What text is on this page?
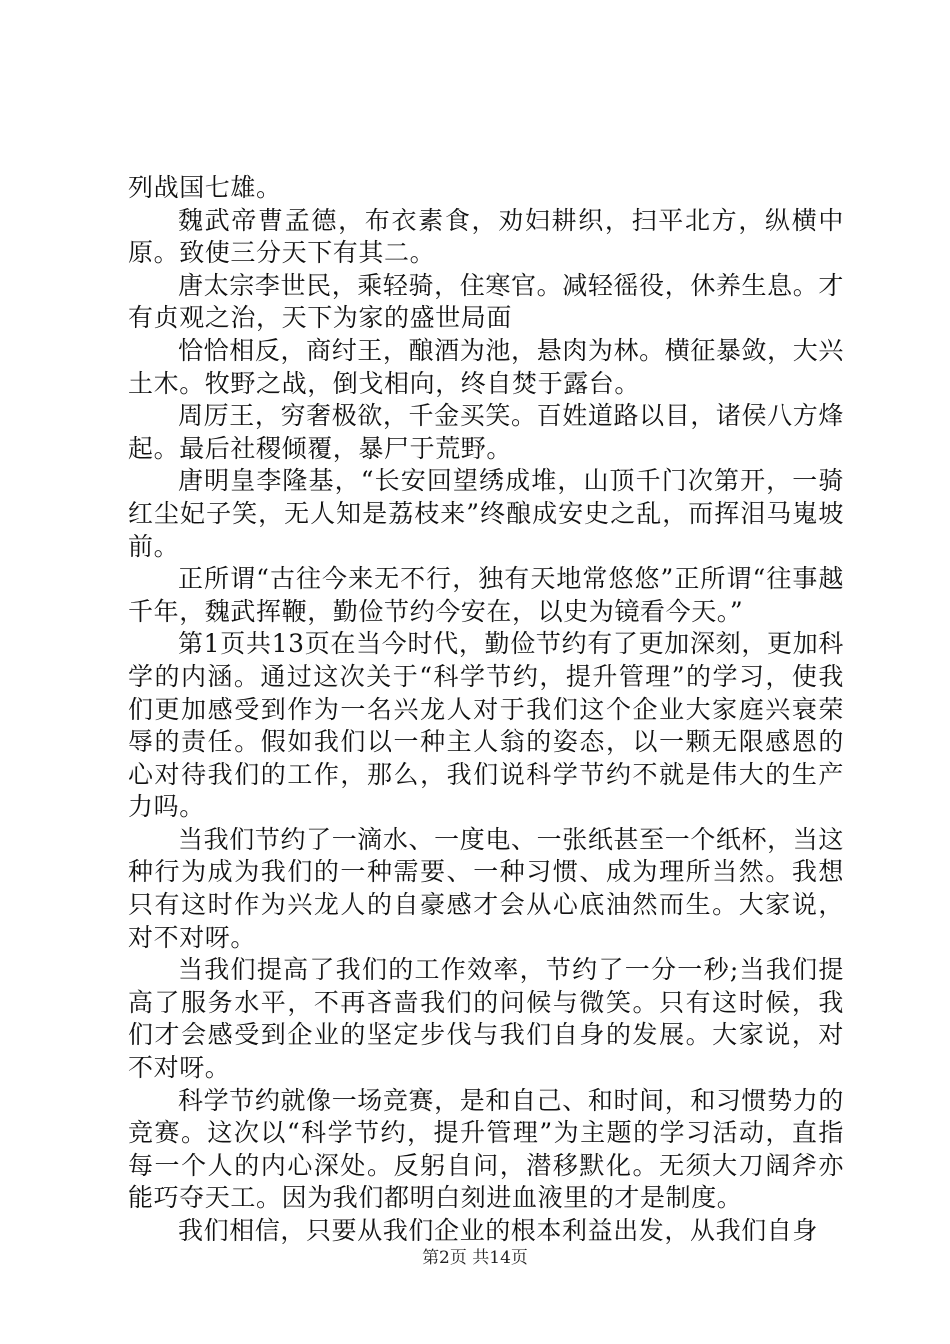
列战国七雄。

魏武帝曹孟德，布衣素食，劝妇耕织，扫平北方，纵横中原。致使三分天下有其二。

唐太宗李世民，乘轻骑，住寒官。减轻徭役，休养生息。才有贞观之治，天下为家的盛世局面

恰恰相反，商纣王，酿酒为池，悬肉为林。横征暴敛，大兴土木。牧野之战，倒戈相向，终自焚于露台。

周厉王，穷奢极欲，千金买笑。百姓道路以目，诸侯八方烽起。最后社稷倾覆，暴尸于荒野。

唐明皇李隆基，“长安回望绣成堆，山顶千门次第开，一骑红尘妃子笑，无人知是荔枝来”终酿成安史之乱，而挥泪马嵬坡前。

正所谓“古往今来无不行，独有天地常悠悠”正所谓“往事越千年，魏武挥鞭，勤俭节约今安在，以史为镜看今天。”

第1页共13页在当今时代，勤俭节约有了更加深刻，更加科学的内涵。通过这次关于“科学节约，提升管理”的学习，使我们更加感受到作为一名兴龙人对于我们这个企业大家庭兴衰荣辱的责任。假如我们以一种主人翁的姿态，以一颗无限感恩的心对待我们的工作，那么，我们说科学节约不就是伟大的生产力吗。

当我们节约了一滴水、一度电、一张纸甚至一个纸杯，当这种行为成为我们的一种需要、一种习惯、成为理所当然。我想只有这时作为兴龙人的自豪感才会从心底油然而生。大家说，对不对呀。

当我们提高了我们的工作效率，节约了一分一秒;当我们提高了服务水平，不再吝啬我们的问候与微笑。只有这时候，我们才会感受到企业的坚定步伐与我们自身的发展。大家说，对不对呀。

科学节约就像一场竞赛，是和自己、和时间，和习惯势力的竞赛。这次以“科学节约，提升管理”为主题的学习活动，直指每一个人的内心深处。反躬自问，潜移默化。无须大刀阔斧亦能巧夺天工。因为我们都明白刻进血液里的才是制度。

我们相信，只要从我们企业的根本利益出发，从我们自身

第2页 共14页
